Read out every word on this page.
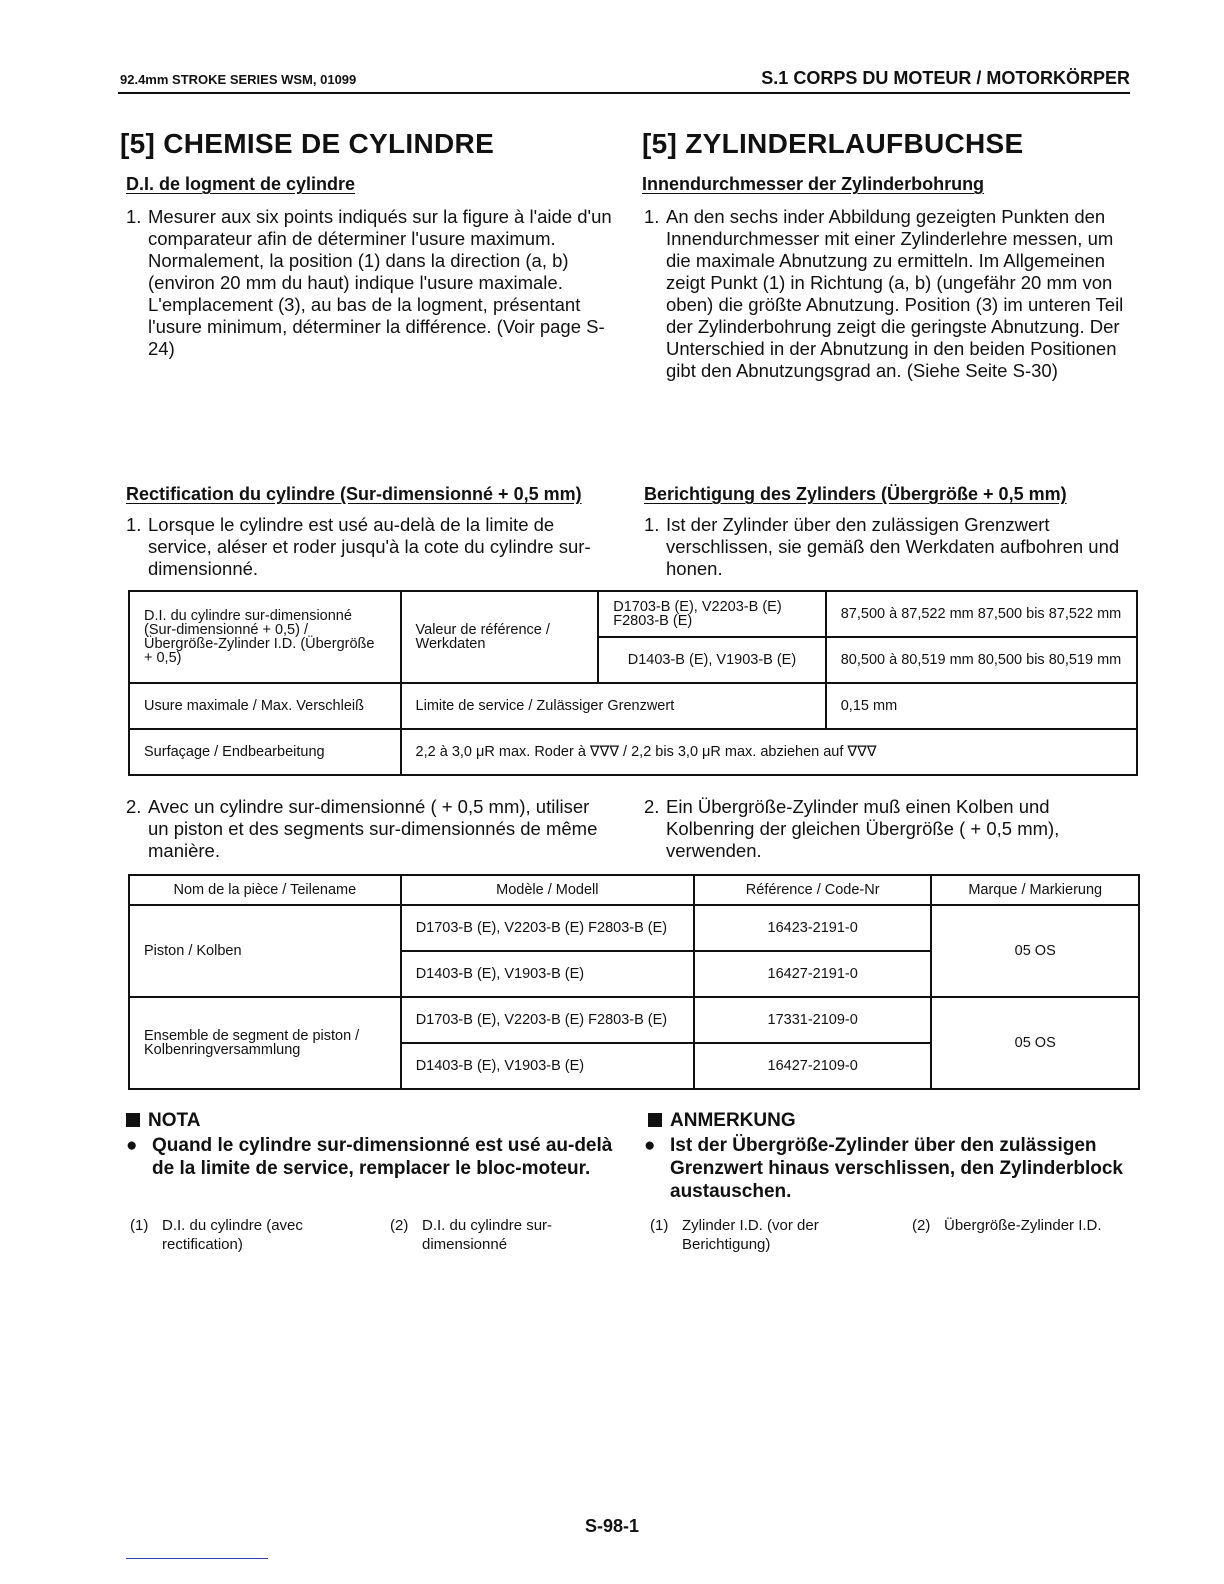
92.4mm STROKE SERIES WSM, 01099	S.1 CORPS DU MOTEUR / MOTORKÖRPER
[5] CHEMISE DE CYLINDRE	[5] ZYLINDERLAUFBUCHSE
D.I. de logment de cylindre	Innendurchmesser der Zylinderbohrung
1. Mesurer aux six points indiqués sur la figure à l'aide d'un comparateur afin de déterminer l'usure maximum.
Normalement, la position (1) dans la direction (a, b) (environ 20 mm du haut) indique l'usure maximale. L'emplacement (3), au bas de la logment, présentant l'usure minimum, déterminer la différence. (Voir page S-24)
1. An den sechs inder Abbildung gezeigten Punkten den Innendurchmesser mit einer Zylinderlehre messen, um die maximale Abnutzung zu ermitteln. Im Allgemeinen zeigt Punkt (1) in Richtung (a, b) (ungefähr 20 mm von oben) die größte Abnutzung. Position (3) im unteren Teil der Zylinderbohrung zeigt die geringste Abnutzung. Der Unterschied in der Abnutzung in den beiden Positionen gibt den Abnutzungsgrad an. (Siehe Seite S-30)
Rectification du cylindre (Sur-dimensionné + 0,5 mm)	Berichtigung des Zylinders (Übergröße + 0,5 mm)
1. Lorsque le cylindre est usé au-delà de la limite de service, aléser et roder jusqu'à la cote du cylindre sur-dimensionné.
1. Ist der Zylinder über den zulässigen Grenzwert verschlissen, sie gemäß den Werkdaten aufbohren und honen.
D.I. du cylindre sur-dimensionné (Sur-dimensionné + 0,5) / Übergröße-Zylinder I.D. (Übergröße + 0,5)	Valeur de référence / Werkdaten	D1703-B (E), V2203-B (E) F2803-B (E)	87,500 à 87,522 mm 87,500 bis 87,522 mm
		D1403-B (E), V1903-B (E)	80,500 à 80,519 mm 80,500 bis 80,519 mm
Usure maximale / Max. Verschleiß	Limite de service / Zulässiger Grenzwert		0,15 mm
Surfaçage / Endbearbeitung	2,2 à 3,0 μR max. Roder à ∇∇∇ / 2,2 bis 3,0 μR max. abziehen auf ∇∇∇		
2. Avec un cylindre sur-dimensionné ( + 0,5 mm), utiliser un piston et des segments sur-dimensionnés de même manière.
2. Ein Übergröße-Zylinder muß einen Kolben und Kolbenring der gleichen Übergröße ( + 0,5 mm), verwenden.
Nom de la pièce / Teilename	Modèle / Modell	Référence / Code-Nr	Marque / Markierung
Piston / Kolben	D1703-B (E), V2203-B (E) F2803-B (E)	16423-2191-0	05 OS
	D1403-B (E), V1903-B (E)	16427-2191-0	
Ensemble de segment de piston / Kolbenringversammlung	D1703-B (E), V2203-B (E) F2803-B (E)	17331-2109-0	05 OS
	D1403-B (E), V1903-B (E)	16427-2109-0	
NOTA
● Quand le cylindre sur-dimensionné est usé au-delà de la limite de service, remplacer le bloc-moteur.
ANMERKUNG
● Ist der Übergröße-Zylinder über den zulässigen Grenzwert hinaus verschlissen, den Zylinderblock austauschen.
(1) D.I. du cylindre (avec rectification)
(2) D.I. du cylindre sur-dimensionné
(1) Zylinder I.D. (vor der Berichtigung)
(2) Übergröße-Zylinder I.D.
S-98-1
